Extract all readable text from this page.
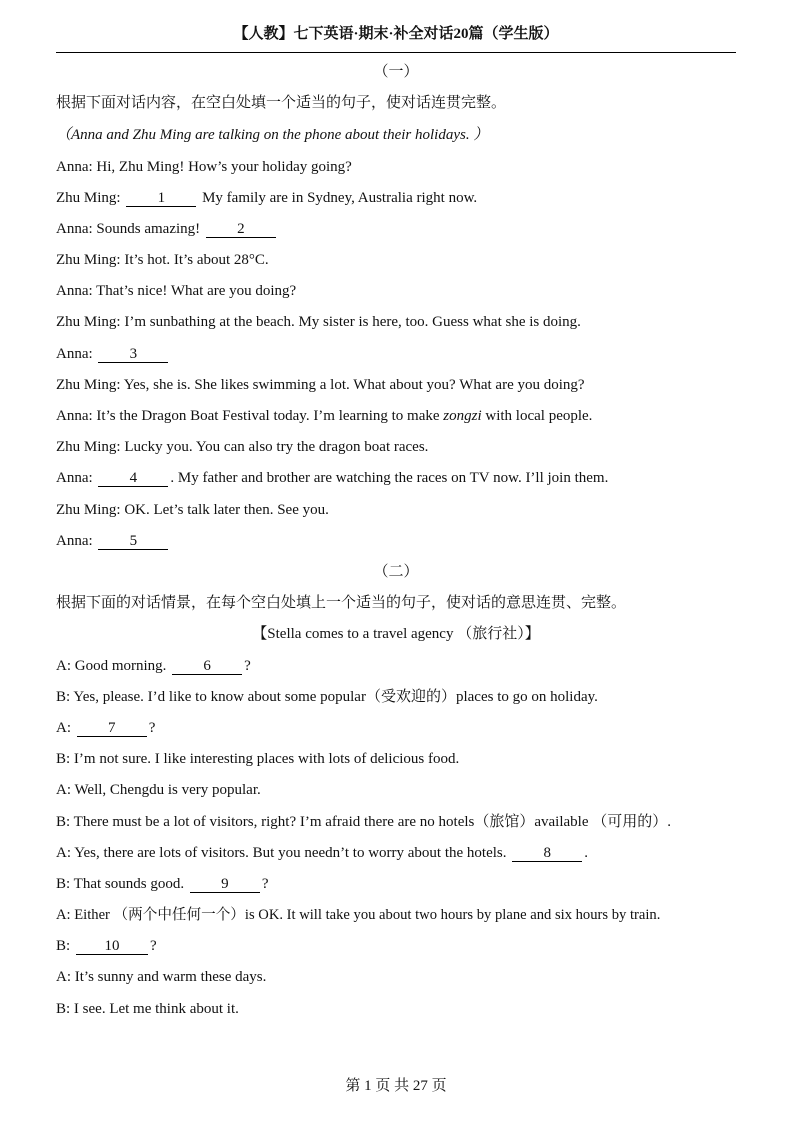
【人教】七下英语·期末·补全对话20篇（学生版）
（一）
根据下面对话内容，在空白处填一个适当的句子，使对话连贯完整。
（Anna and Zhu Ming are talking on the phone about their holidays. ）
Anna: Hi, Zhu Ming! How’s your holiday going?
Zhu Ming: 1 My family are in Sydney, Australia right now.
Anna: Sounds amazing! 2
Zhu Ming: It’s hot. It’s about 28°C.
Anna: That’s nice! What are you doing?
Zhu Ming: I’m sunbathing at the beach. My sister is here, too. Guess what she is doing.
Anna: 3
Zhu Ming: Yes, she is. She likes swimming a lot. What about you? What are you doing?
Anna: It’s the Dragon Boat Festival today. I’m learning to make zongzi with local people.
Zhu Ming: Lucky you. You can also try the dragon boat races.
Anna: 4 . My father and brother are watching the races on TV now. I’ll join them.
Zhu Ming: OK. Let’s talk later then. See you.
Anna: 5
（二）
根据下面的对话情景，在每个空白处填上一个适当的句子，使对话的意思连贯、完整。
【Stella comes to a travel agency （旅行社）】
A: Good morning. 6 ?
B: Yes, please. I’d like to know about some popular（受欢迎的）places to go on holiday.
A: 7 ?
B: I’m not sure. I like interesting places with lots of delicious food.
A: Well, Chengdu is very popular.
B: There must be a lot of visitors, right? I’m afraid there are no hotels（旅馆）available （可用的）.
A: Yes, there are lots of visitors. But you needn’t to worry about the hotels. 8 .
B: That sounds good. 9 ?
A: Either （两个中任何一个）is OK. It will take you about two hours by plane and six hours by train.
B: 10 ?
A: It’s sunny and warm these days.
B: I see. Let me think about it.
第 1 页 共 27 页
